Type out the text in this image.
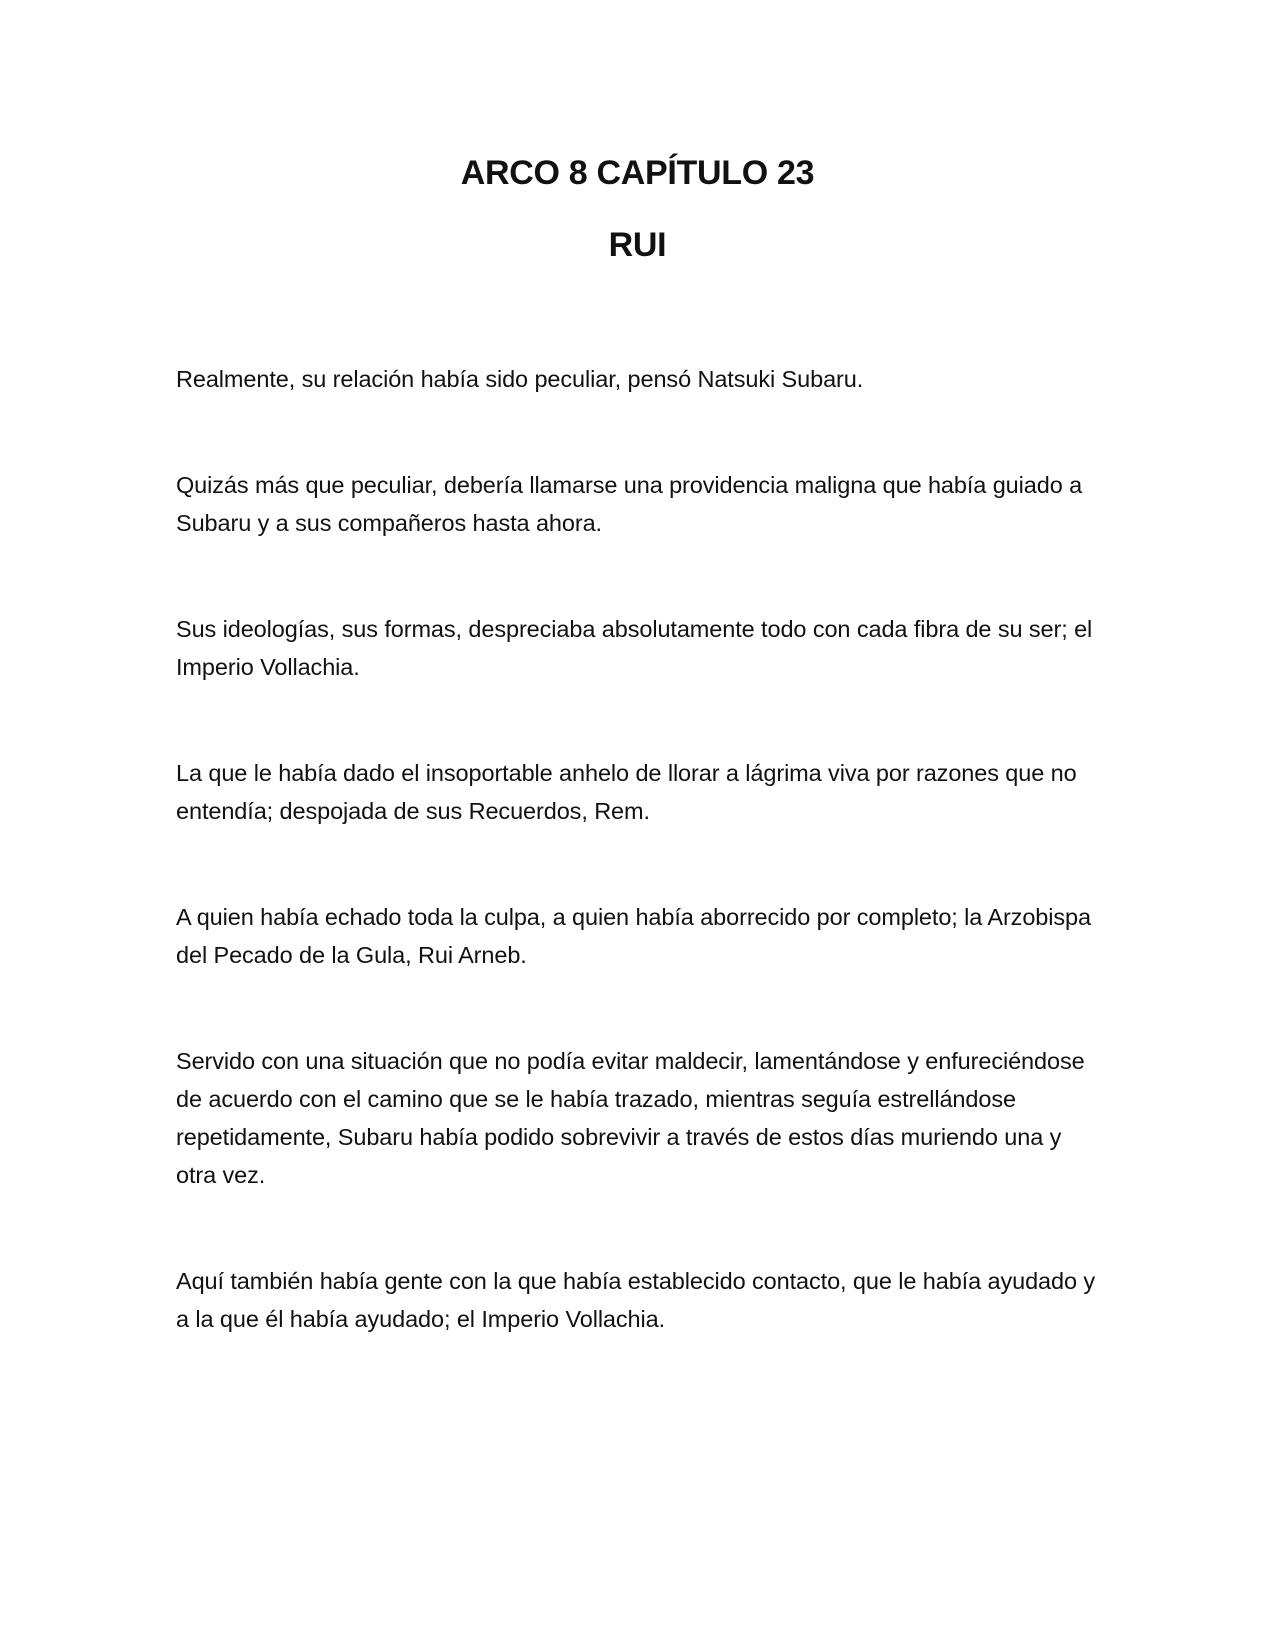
ARCO 8 CAPÍTULO 23
RUI

Realmente, su relación había sido peculiar, pensó Natsuki Subaru.

Quizás más que peculiar, debería llamarse una providencia maligna que había guiado a Subaru y a sus compañeros hasta ahora.

Sus ideologías, sus formas, despreciaba absolutamente todo con cada fibra de su ser; el Imperio Vollachia.

La que le había dado el insoportable anhelo de llorar a lágrima viva por razones que no entendía; despojada de sus Recuerdos, Rem.

A quien había echado toda la culpa, a quien había aborrecido por completo; la Arzobispa del Pecado de la Gula, Rui Arneb.

Servido con una situación que no podía evitar maldecir, lamentándose y enfureciéndose de acuerdo con el camino que se le había trazado, mientras seguía estrellándose repetidamente, Subaru había podido sobrevivir a través de estos días muriendo una y otra vez.

Aquí también había gente con la que había establecido contacto, que le había ayudado y a la que él había ayudado; el Imperio Vollachia.
